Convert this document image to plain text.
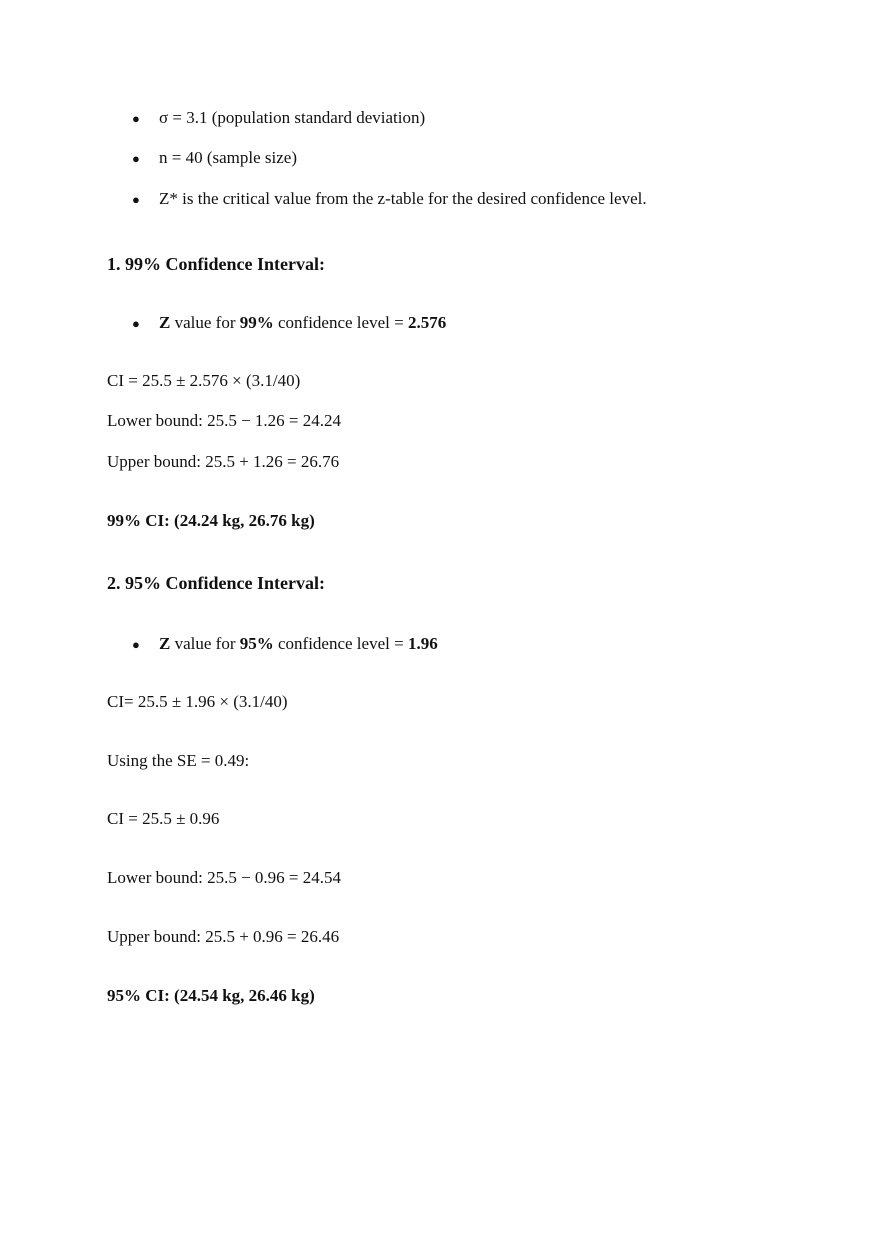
● σ = 3.1 (population standard deviation)
● n = 40 (sample size)
● Z* is the critical value from the z-table for the desired confidence level.
1. 99% Confidence Interval:
● Z value for 99% confidence level = 2.576
CI = 25.5 ± 2.576 × (3.1/40)
Lower bound: 25.5 − 1.26 = 24.24
Upper bound: 25.5 + 1.26 = 26.76
99% CI: (24.24 kg, 26.76 kg)
2. 95% Confidence Interval:
● Z value for 95% confidence level = 1.96
CI= 25.5 ± 1.96 × (3.1/40)
Using the SE = 0.49:
CI = 25.5 ± 0.96
Lower bound: 25.5 − 0.96 = 24.54
Upper bound: 25.5 + 0.96 = 26.46
95% CI: (24.54 kg, 26.46 kg)
